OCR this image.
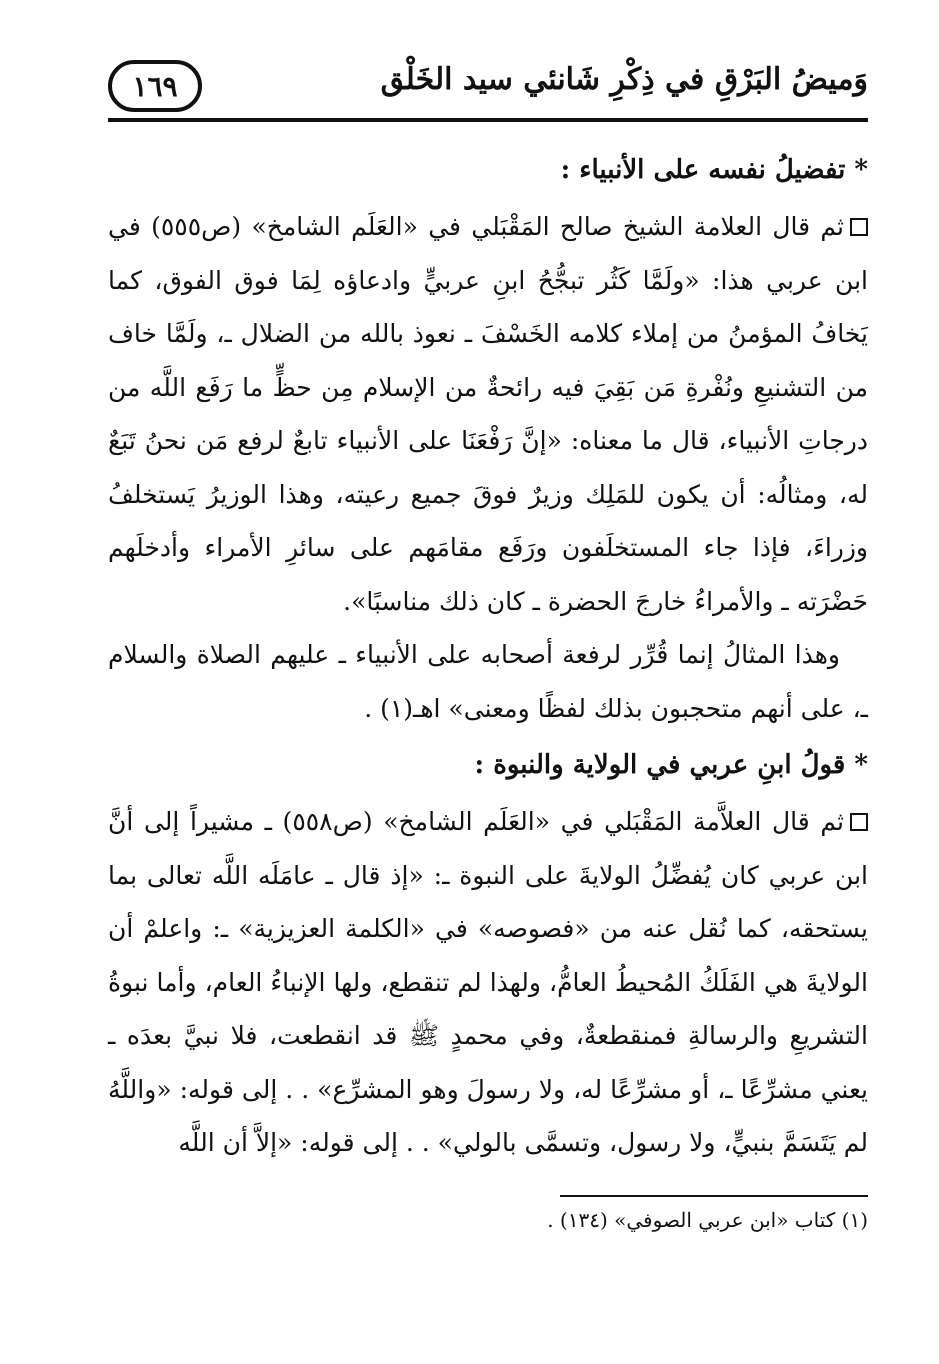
١٦٩	وَميضُ البَرْقِ في ذِكْرِ شَانئي سيد الخَلْق
* تفضيلُ نفسه على الأنبياء :

ثم قال العلامة الشيخ صالح المَقْبَلي في «العَلَم الشامخ» (ص٥٥٥) في ابن عربي هذا: «ولَمَّا كَثُر تبجُّحُ ابنِ عربيٍّ وادعاؤه لِمَا فوق الفوق، كما يَخافُ المؤمنُ من إملاء كلامه الخَسْفَ ـ نعوذ بالله من الضلال ـ، ولَمَّا خاف من التشنيعِ ونُفْرةِ مَن بَقِيَ فيه رائحةٌ من الإسلام مِن حظٍّ ما رَفَع اللَّه من درجاتِ الأنبياء، قال ما معناه: «إنَّ رَفْعَنَا على الأنبياء تابعٌ لرفع مَن نحنُ تَبَعٌ له، ومثالُه: أن يكون للمَلِك وزيرٌ فوقَ جميع رعيته، وهذا الوزيرُ يَستخلفُ وزراءَ، فإذا جاء المستخلَفون ورَفَع مقامَهم على سائرِ الأمراء وأدخلَهم حَضْرَته ـ والأمراءُ خارجَ الحضرة ـ كان ذلك مناسبًا».

وهذا المثالُ إنما قُرِّر لرفعة أصحابه على الأنبياء ـ عليهم الصلاة والسلام ـ، على أنهم متحجبون بذلك لفظًا ومعنى» اهـ(١) .

* قولُ ابنِ عربي في الولاية والنبوة :

ثم قال العلاَّمة المَقْبَلي في «العَلَم الشامخ» (ص٥٥٨) ـ مشيراً إلى أنَّ ابن عربي كان يُفضِّلُ الولايةَ على النبوة ـ: «إذ قال ـ عامَلَه اللَّه تعالى بما يستحقه، كما نُقل عنه من «فصوصه» في «الكلمة العزيزية» ـ: واعلمْ أن الولايةَ هي الفَلَكُ المُحيطُ العامُّ، ولهذا لم تنقطع، ولها الإنباءُ العام، وأما نبوةُ التشريعِ والرسالةِ فمنقطعةٌ، وفي محمدٍ ﷺ قد انقطعت، فلا نبيَّ بعدَه ـ يعني مشرِّعًا ـ، أو مشرِّعًا له، ولا رسولَ وهو المشرِّع» . . إلى قوله: «واللَّهُ لم يَتَسَمَّ بنبيٍّ، ولا رسول، وتسمَّى بالولي» . . إلى قوله: «إلاَّ أن اللَّه

(١) كتاب «ابن عربي الصوفي» (١٣٤) .
